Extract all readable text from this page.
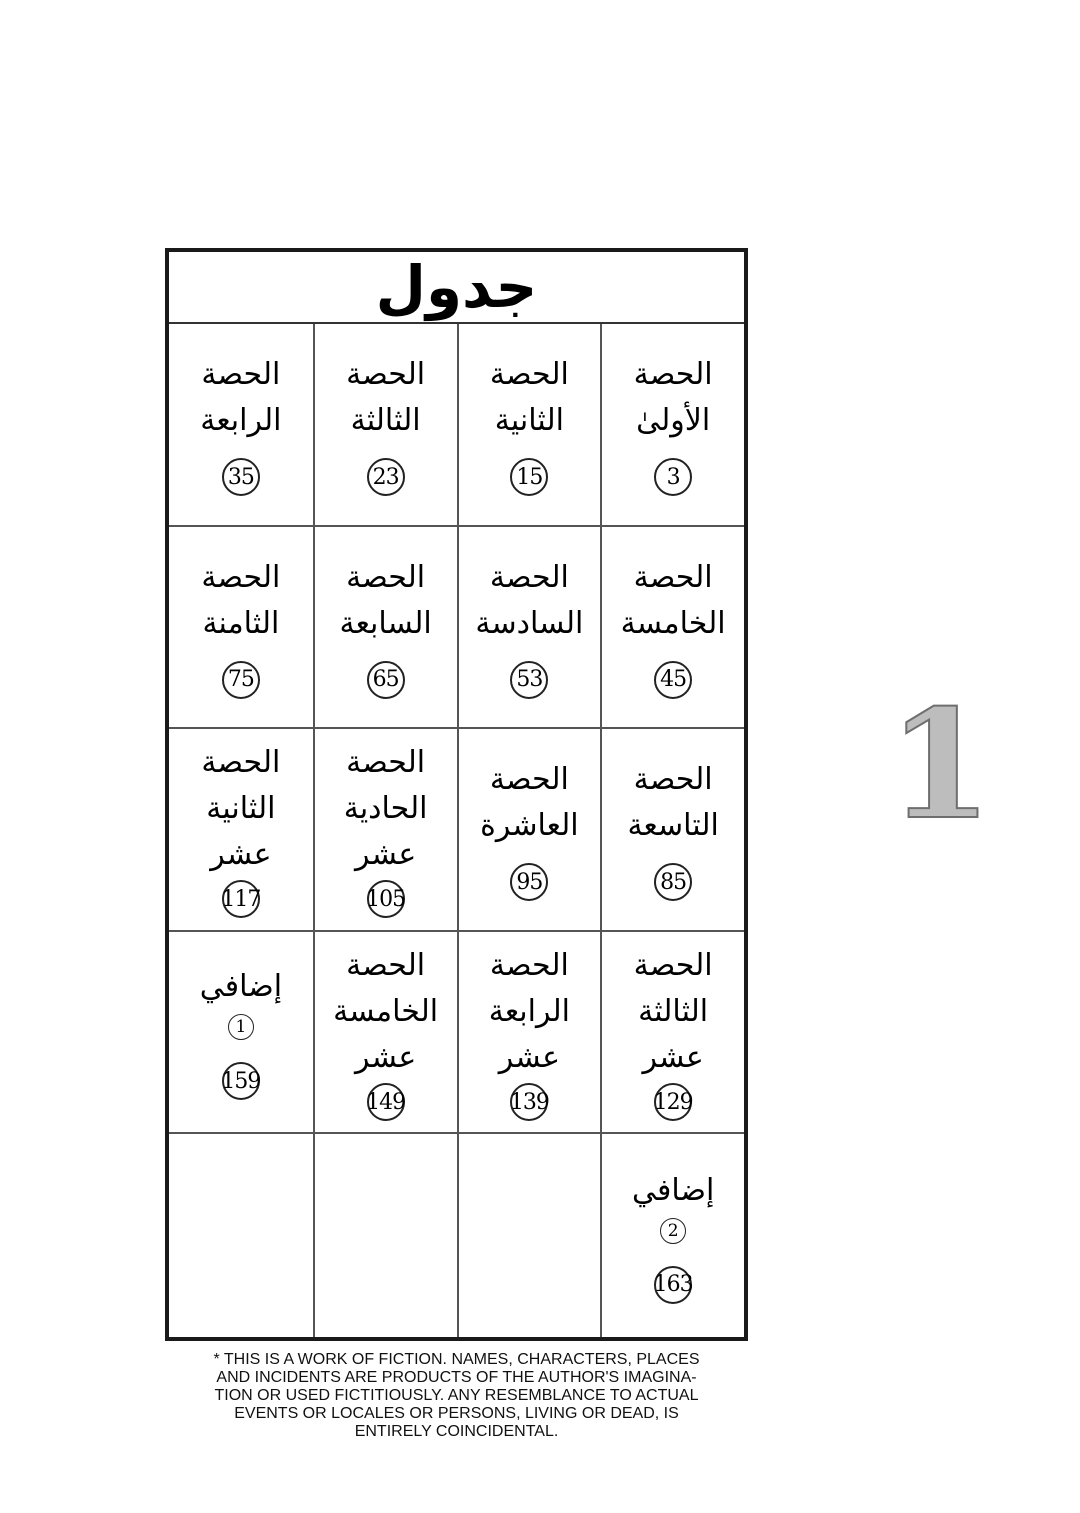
جدول
الحصة
الأولىٰ
3
الحصة
الثانية
15
الحصة
الثالثة
23
الحصة
الرابعة
35
الحصة
الخامسة
45
الحصة
السادسة
53
الحصة
السابعة
65
الحصة
الثامنة
75
الحصة
التاسعة
85
الحصة
العاشرة
95
الحصة
الحادية
عشر
105
الحصة
الثانية
عشر
117
الحصة
الثالثة
عشر
129
الحصة
الرابعة
عشر
139
الحصة
الخامسة
عشر
149
إضافي
1
159
إضافي
2
163
1
* THIS IS A WORK OF FICTION. NAMES, CHARACTERS, PLACES
AND INCIDENTS ARE PRODUCTS OF THE AUTHOR'S IMAGINA-
TION OR USED FICTITIOUSLY. ANY RESEMBLANCE TO ACTUAL
EVENTS OR LOCALES OR PERSONS, LIVING OR DEAD, IS
ENTIRELY COINCIDENTAL.
